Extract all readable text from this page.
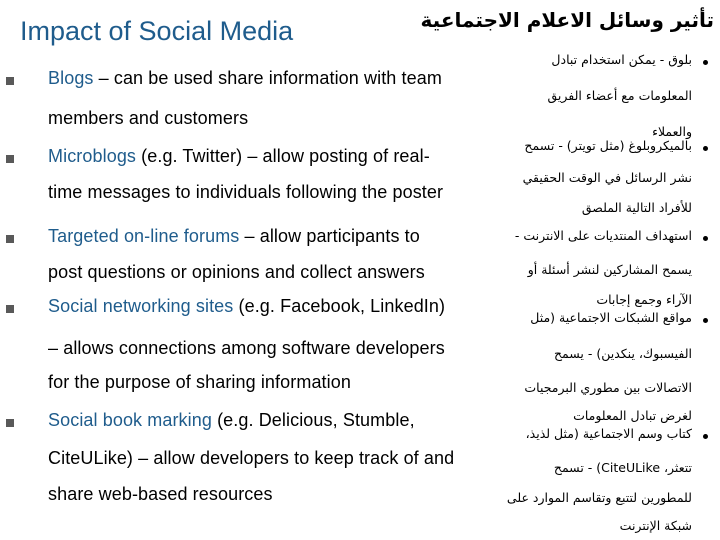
Impact of Social Media	تأثير وسائل الاعلام الاجتماعية
Blogs – can be used share information with team
members and customers
Microblogs (e.g. Twitter) – allow posting of real-
time messages to individuals following the poster
Targeted on-line forums – allow participants to
post questions or opinions and collect answers
Social networking sites (e.g. Facebook, LinkedIn)
– allows connections among software developers
for the purpose of sharing information
Social book marking (e.g. Delicious, Stumble,
CiteULike) – allow developers to keep track of and
share web-based resources
بلوق - يمكن استخدام تبادل
المعلومات مع أعضاء الفريق
والعملاء
بالميكروبلوغ (مثل تويتر) - تسمح
نشر الرسائل في الوقت الحقيقي
للأفراد التالية الملصق
استهداف المنتديات على الانترنت -
يسمح المشاركين لنشر أسئلة أو
الآراء وجمع إجابات
مواقع الشبكات الاجتماعية (مثل
الفيسبوك، ينكدين) - يسمح
الاتصالات بين مطوري البرمجيات
لغرض تبادل المعلومات
كتاب وسم الاجتماعية (مثل لذيذ،
تتعثر، CiteULike) - تسمح
للمطورين لتتبع وتقاسم الموارد على
شبكة الإنترنت
